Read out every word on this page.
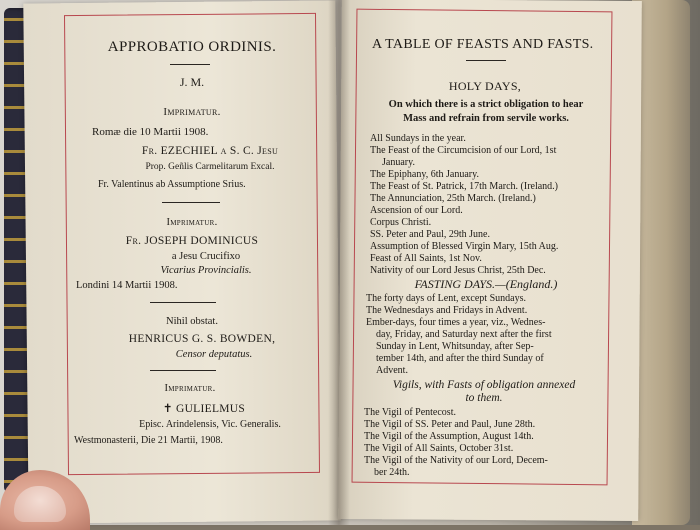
APPROBATIO ORDINIS.
J. M.
Imprimatur.
Romæ die 10 Martii 1908.
Fr. EZECHIEL a S. C. Jesu
Prop. Geñlis Carmelitarum Excal.
Fr. Valentinus ab Assumptione Srius.
Imprimatur.
Fr. JOSEPH DOMINICUS
a Jesu Crucifixo
Vicarius Provincialis.
Londini 14 Martii 1908.
Nihil obstat.
HENRICUS G. S. BOWDEN,
Censor deputatus.
Imprimatur.
✝ GULIELMUS
Episc. Arindelensis, Vic. Generalis.
Westmonasterii, Die 21 Martii, 1908.
A TABLE OF FEASTS AND FASTS.
HOLY DAYS,
On which there is a strict obligation to hear
Mass and refrain from servile works.
All Sundays in the year.
The Feast of the Circumcision of our Lord, 1st
January.
The Epiphany, 6th January.
The Feast of St. Patrick, 17th March. (Ireland.)
The Annunciation, 25th March. (Ireland.)
Ascension of our Lord.
Corpus Christi.
SS. Peter and Paul, 29th June.
Assumption of Blessed Virgin Mary, 15th Aug.
Feast of All Saints, 1st Nov.
Nativity of our Lord Jesus Christ, 25th Dec.
FASTING DAYS.—(England.)
The forty days of Lent, except Sundays.
The Wednesdays and Fridays in Advent.
Ember-days, four times a year, viz., Wednes-
day, Friday, and Saturday next after the first
Sunday in Lent, Whitsunday, after Sep-
tember 14th, and after the third Sunday of
Advent.
Vigils, with Fasts of obligation annexed
to them.
The Vigil of Pentecost.
The Vigil of SS. Peter and Paul, June 28th.
The Vigil of the Assumption, August 14th.
The Vigil of All Saints, October 31st.
The Vigil of the Nativity of our Lord, Decem-
ber 24th.
